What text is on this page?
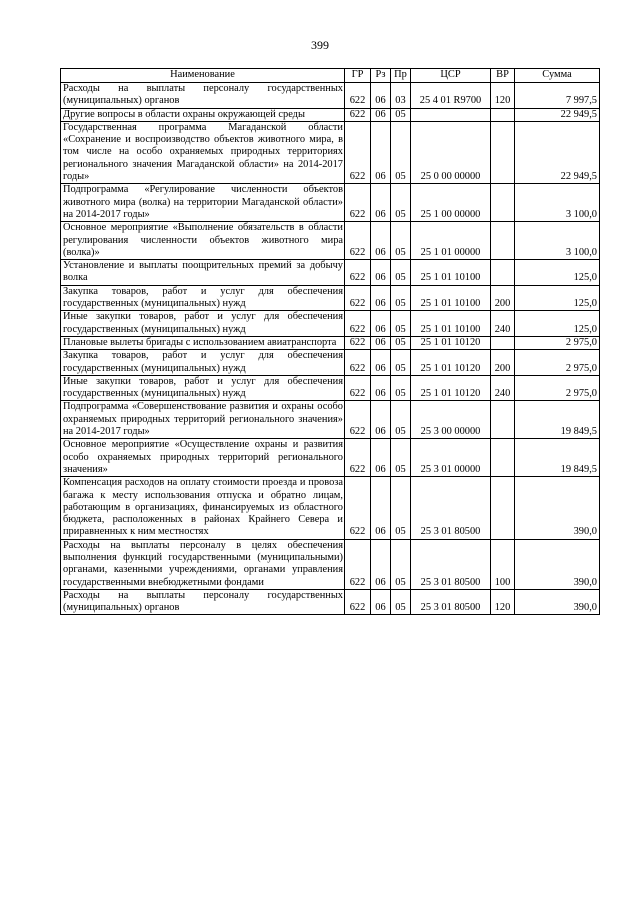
399
Наименование	ГР	Рз	Пр	ЦСР	ВР	Сумма
Расходы на выплаты персоналу государственных (муниципальных) органов	622	06	03	25 4 01 R9700	120	7 997,5
Другие вопросы в области охраны окружающей среды	622	06	05			22 949,5
Государственная программа Магаданской области «Сохранение и воспроизводство объектов животного мира, в том числе на особо охраняемых природных территориях регионального значения Магаданской области» на 2014-2017 годы»	622	06	05	25 0 00 00000		22 949,5
Подпрограмма «Регулирование численности объектов животного мира (волка) на территории Магаданской области» на 2014-2017 годы»	622	06	05	25 1 00 00000		3 100,0
Основное мероприятие «Выполнение обязательств в области регулирования численности объектов животного мира (волка)»	622	06	05	25 1 01 00000		3 100,0
Установление и выплаты поощрительных премий за добычу волка	622	06	05	25 1 01 10100		125,0
Закупка товаров, работ и услуг для обеспечения государственных (муниципальных) нужд	622	06	05	25 1 01 10100	200	125,0
Иные закупки товаров, работ и услуг для обеспечения государственных (муниципальных) нужд	622	06	05	25 1 01 10100	240	125,0
Плановые вылеты бригады с использованием авиатранспорта	622	06	05	25 1 01 10120		2 975,0
Закупка товаров, работ и услуг для обеспечения государственных (муниципальных) нужд	622	06	05	25 1 01 10120	200	2 975,0
Иные закупки товаров, работ и услуг для обеспечения государственных (муниципальных) нужд	622	06	05	25 1 01 10120	240	2 975,0
Подпрограмма «Совершенствование развития и охраны особо охраняемых природных территорий регионального значения» на 2014-2017 годы»	622	06	05	25 3 00 00000		19 849,5
Основное мероприятие «Осуществление охраны и развития особо охраняемых природных территорий регионального значения»	622	06	05	25 3 01 00000		19 849,5
Компенсация расходов на оплату стоимости проезда и провоза багажа к месту использования отпуска и обратно лицам, работающим в организациях, финансируемых из областного бюджета, расположенных в районах Крайнего Севера и приравненных к ним местностях	622	06	05	25 3 01 80500		390,0
Расходы на выплаты персоналу в целях обеспечения выполнения функций государственными (муниципальными) органами, казенными учреждениями, органами управления государственными внебюджетными фондами	622	06	05	25 3 01 80500	100	390,0
Расходы на выплаты персоналу государственных (муниципальных) органов	622	06	05	25 3 01 80500	120	390,0
